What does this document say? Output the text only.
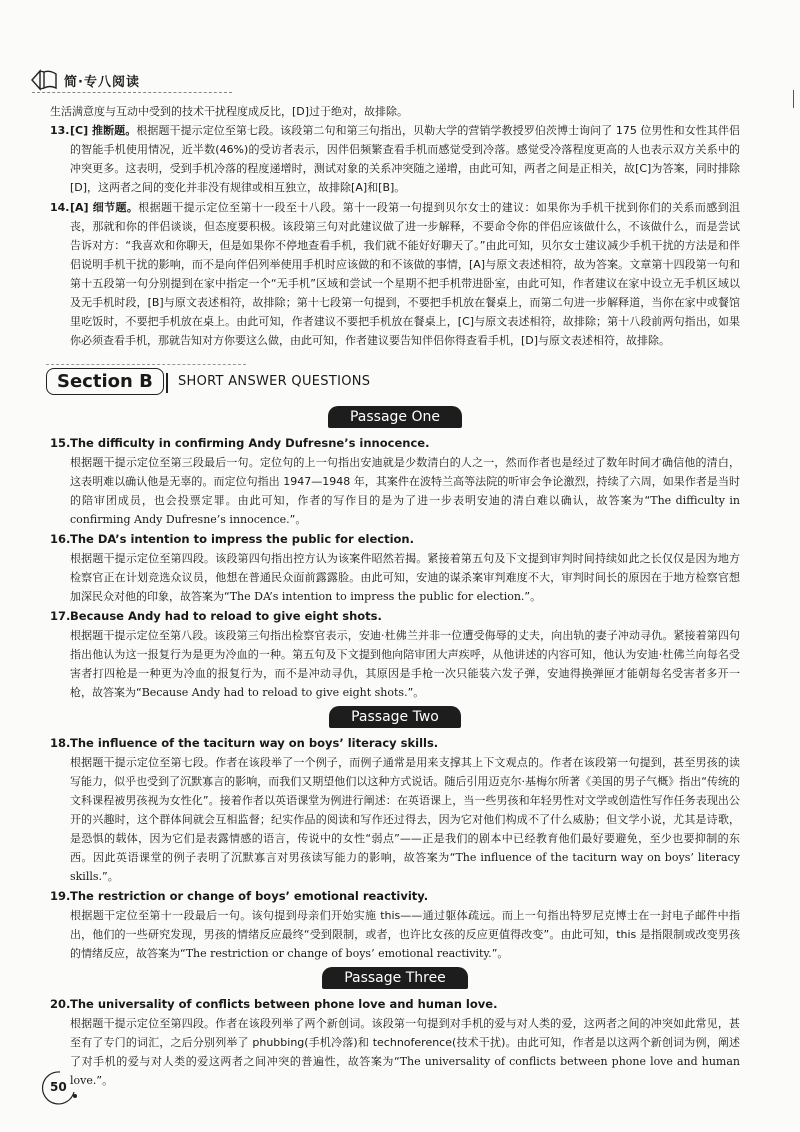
简·专八阅读

生活满意度与互动中受到的技术干扰程度成反比，[D]过于绝对，故排除。

13.[C] 推断题。根据题干提示定位至第七段。该段第二句和第三句指出，贝勒大学的营销学教授罗伯茨博士询问了 175 位男性和女性其伴侣的智能手机使用情况，近半数(46%)的受访者表示，因伴侣频繁查看手机而感觉受到冷落。感觉受冷落程度更高的人也表示双方关系中的冲突更多。这表明，受到手机冷落的程度递增时，测试对象的关系冲突随之递增，由此可知，两者之间是正相关，故[C]为答案，同时排除[D]，这两者之间的变化并非没有规律或相互独立，故排除[A]和[B]。

14.[A] 细节题。根据题干提示定位至第十一段至十八段。第十一段第一句提到贝尔女士的建议：如果你为手机干扰到你们的关系而感到沮丧，那就和你的伴侣谈谈，但态度要积极。该段第三句对此建议做了进一步解释，不要命令你的伴侣应该做什么，不该做什么，而是尝试告诉对方：“我喜欢和你聊天，但是如果你不停地查看手机，我们就不能好好聊天了。”由此可知，贝尔女士建议减少手机干扰的方法是和伴侣说明手机干扰的影响，而不是向伴侣列举使用手机时应该做的和不该做的事情，[A]与原文表述相符，故为答案。文章第十四段第一句和第十五段第一句分别提到在家中指定一个“无手机”区域和尝试一个星期不把手机带进卧室，由此可知，作者建议在家中设立无手机区域以及无手机时段，[B]与原文表述相符，故排除；第十七段第一句提到，不要把手机放在餐桌上，而第二句进一步解释道，当你在家中或餐馆里吃饭时，不要把手机放在桌上。由此可知，作者建议不要把手机放在餐桌上，[C]与原文表述相符，故排除；第十八段前两句指出，如果你必须查看手机，那就告知对方你要这么做，由此可知，作者建议要告知伴侣你得查看手机，[D]与原文表述相符，故排除。

Section B	SHORT ANSWER QUESTIONS
Passage One

15.The difficulty in confirming Andy Dufresne’s innocence.

根据题干提示定位至第三段最后一句。定位句的上一句指出安迪就是少数清白的人之一，然而作者也是经过了数年时间才确信他的清白，这表明难以确认他是无辜的。而定位句指出 1947—1948 年，其案件在波特兰高等法院的听审会争论激烈，持续了六周，如果作者是当时的陪审团成员，也会投票定罪。由此可知，作者的写作目的是为了进一步表明安迪的清白难以确认，故答案为“The difficulty in confirming Andy Dufresne’s innocence.”。

16.The DA’s intention to impress the public for election.

根据题干提示定位至第四段。该段第四句指出控方认为该案件昭然若揭。紧接着第五句及下文提到审判时间持续如此之长仅仅是因为地方检察官正在计划竞选众议员，他想在普通民众面前露露脸。由此可知，安迪的谋杀案审判难度不大，审判时间长的原因在于地方检察官想加深民众对他的印象，故答案为“The DA’s intention to impress the public for election.”。

17.Because Andy had to reload to give eight shots.

根据题干提示定位至第八段。该段第三句指出检察官表示，安迪·杜佛兰并非一位遭受侮辱的丈夫，向出轨的妻子冲动寻仇。紧接着第四句指出他认为这一报复行为是更为冷血的一种。第五句及下文提到他向陪审团大声疾呼，从他讲述的内容可知，他认为安迪·杜佛兰向每名受害者打四枪是一种更为冷血的报复行为，而不是冲动寻仇，其原因是手枪一次只能装六发子弹，安迪得换弹匣才能朝每名受害者多开一枪，故答案为“Because Andy had to reload to give eight shots.”。

Passage Two

18.The influence of the taciturn way on boys’ literacy skills.

根据题干提示定位至第七段。作者在该段举了一个例子，而例子通常是用来支撑其上下文观点的。作者在该段第一句提到，甚至男孩的读写能力，似乎也受到了沉默寡言的影响，而我们又期望他们以这种方式说话。随后引用迈克尔·基梅尔所著《美国的男子气概》指出“传统的文科课程被男孩视为女性化”。接着作者以英语课堂为例进行阐述：在英语课上，当一些男孩和年轻男性对文学或创造性写作任务表现出公开的兴趣时，这个群体间就会互相监督；纪实作品的阅读和写作还过得去，因为它对他们构成不了什么威胁；但文学小说，尤其是诗歌，是恐惧的载体，因为它们是表露情感的语言，传说中的女性“弱点”——正是我们的剧本中已经教育他们最好要避免，至少也要抑制的东西。因此英语课堂的例子表明了沉默寡言对男孩读写能力的影响，故答案为“The influence of the taciturn way on boys’ literacy skills.”。

19.The restriction or change of boys’ emotional reactivity.

根据题干定位至第十一段最后一句。该句提到母亲们开始实施 this——通过躯体疏远。而上一句指出特罗尼克博士在一封电子邮件中指出，他们的一些研究发现，男孩的情绪反应最终“受到限制，或者，也许比女孩的反应更值得改变”。由此可知，this 是指限制或改变男孩的情绪反应，故答案为“The restriction or change of boys’ emotional reactivity.”。

Passage Three

20.The universality of conflicts between phone love and human love.

根据题干提示定位至第四段。作者在该段列举了两个新创词。该段第一句提到对手机的爱与对人类的爱，这两者之间的冲突如此常见，甚至有了专门的词汇，之后分别列举了 phubbing(手机冷落)和 technoference(技术干扰)。由此可知，作者是以这两个新创词为例，阐述了对手机的爱与对人类的爱这两者之间冲突的普遍性，故答案为“The universality of conflicts between phone love and human love.”。

50
